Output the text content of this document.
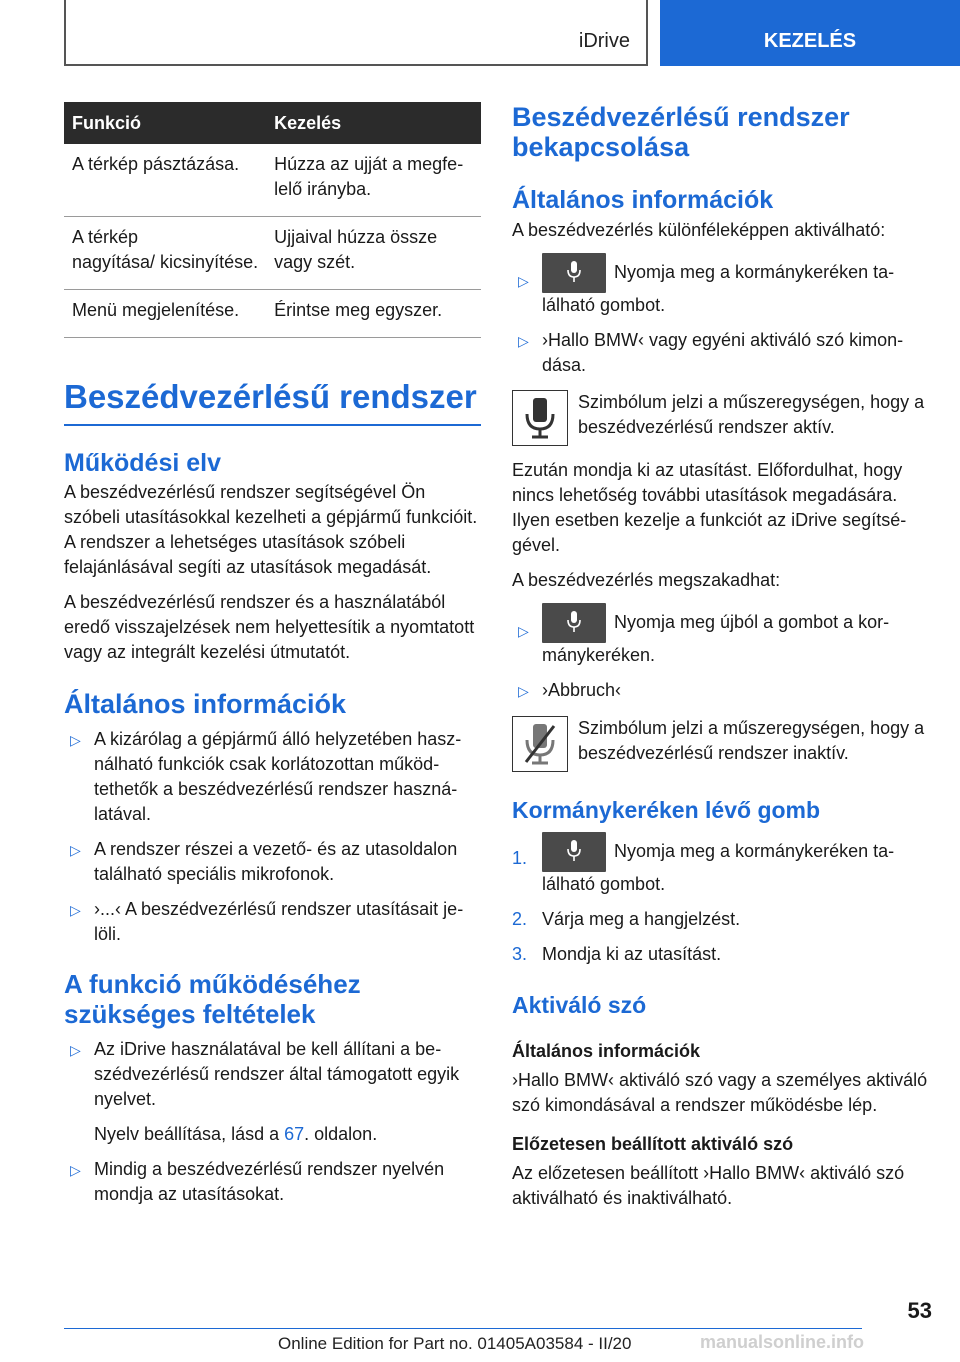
iDrive	KEZELÉS
Funkció	Kezelés
A térkép pásztázása.	Húzza az ujját a megfelelő irányba.
A térkép nagyítása/ kicsinyítése.	Ujjaival húzza össze vagy szét.
Menü megjelenítése.	Érintse meg egyszer.
Beszédvezérlésű rendszer
Működési elv

A beszédvezérlésű rendszer segítségével Ön szóbeli utasításokkal kezelheti a gépjármű funkcióit. A rendszer a lehetséges utasítások szóbeli felajánlásával segíti az utasítások megadását.

A beszédvezérlésű rendszer és a használatából eredő visszajelzések nem helyettesítik a nyomtatott vagy az integrált kezelési útmutatót.

Általános információk
▷ A kizárólag a gépjármű álló helyzetében használható funkciók csak korlátozottan működtethetők a beszédvezérlésű rendszer használatával.
▷ A rendszer részei a vezető- és az utasoldalon található speciális mikrofonok.
▷ ›...‹ A beszédvezérlésű rendszer utasításait jelöli.
A funkció működéséhez szükséges feltételek
▷ Az iDrive használatával be kell állítani a beszédvezérlésű rendszer által támogatott egyik nyelvet.
Nyelv beállítása, lásd a 67. oldalon.
▷ Mindig a beszédvezérlésű rendszer nyelvén mondja az utasításokat.
Beszédvezérlésű rendszer bekapcsolása
Általános információk

A beszédvezérlés különféleképpen aktiválható:

▷	Nyomja meg a kormánykeréken található gombot.
▷ ›Hallo BMW‹ vagy egyéni aktiváló szó kimondása.

Szimbólum jelzi a műszeregységen, hogy a beszédvezérlésű rendszer aktív.

Ezután mondja ki az utasítást. Előfordulhat, hogy nincs lehetőség további utasítások megadására. Ilyen esetben kezelje a funkciót az iDrive segítségével.

A beszédvezérlés megszakadhat:

▷	Nyomja meg újból a gombot a kormánykeréken.
▷ ›Abbruch‹

Szimbólum jelzi a műszeregységen, hogy a beszédvezérlésű rendszer inaktív.

Kormánykeréken lévő gomb
1.	Nyomja meg a kormánykeréken található gombot.
2. Várja meg a hangjelzést.
3. Mondja ki az utasítást.
Aktiváló szó
Általános információk

›Hallo BMW‹ aktiváló szó vagy a személyes aktiváló szó kimondásával a rendszer működésbe lép.

Előzetesen beállított aktiváló szó

Az előzetesen beállított ›Hallo BMW‹ aktiváló szó aktiválható és inaktiválható.

53
Online Edition for Part no. 01405A03584 - II/20	manualsonline.info
